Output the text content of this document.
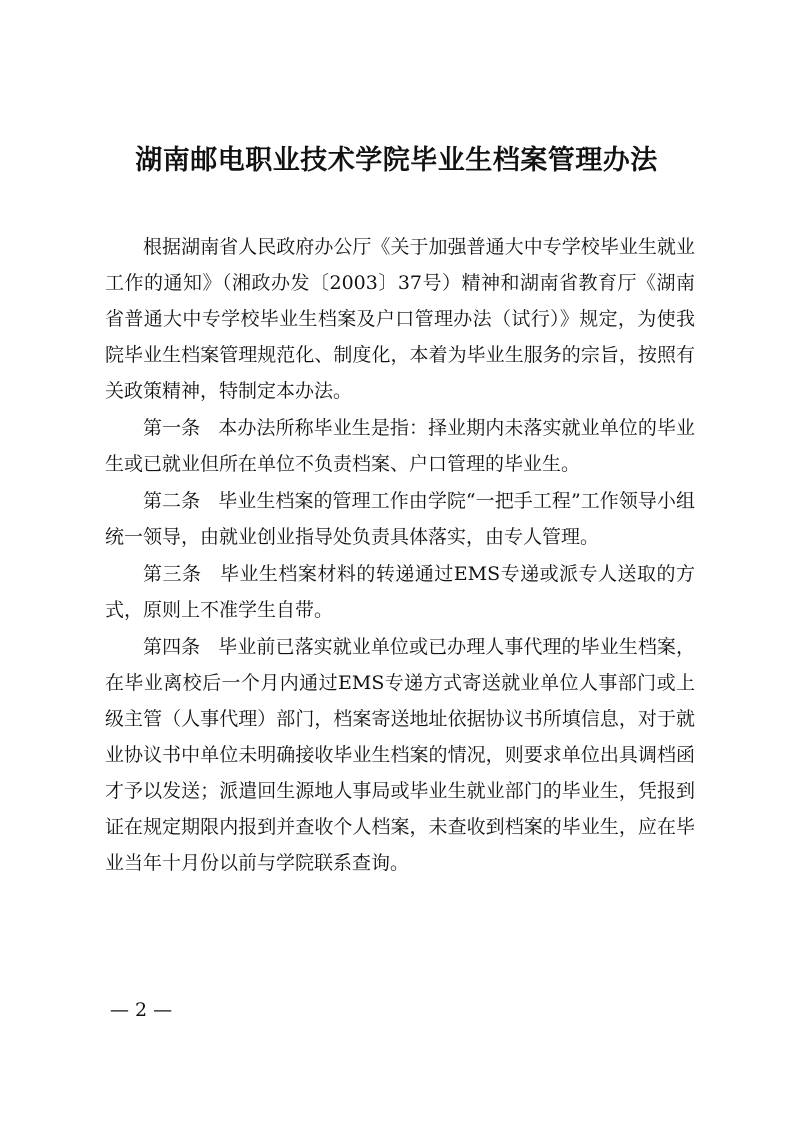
湖南邮电职业技术学院毕业生档案管理办法

根据湖南省人民政府办公厅《关于加强普通大中专学校毕业生就业工作的通知》（湘政办发〔2003〕37号）精神和湖南省教育厅《湖南省普通大中专学校毕业生档案及户口管理办法（试行）》规定，为使我院毕业生档案管理规范化、制度化，本着为毕业生服务的宗旨，按照有关政策精神，特制定本办法。

第一条 本办法所称毕业生是指：择业期内未落实就业单位的毕业生或已就业但所在单位不负责档案、户口管理的毕业生。

第二条 毕业生档案的管理工作由学院“一把手工程”工作领导小组统一领导，由就业创业指导处负责具体落实，由专人管理。

第三条 毕业生档案材料的转递通过EMS专递或派专人送取的方式，原则上不准学生自带。

第四条 毕业前已落实就业单位或已办理人事代理的毕业生档案，在毕业离校后一个月内通过EMS专递方式寄送就业单位人事部门或上级主管（人事代理）部门，档案寄送地址依据协议书所填信息，对于就业协议书中单位未明确接收毕业生档案的情况，则要求单位出具调档函才予以发送；派遣回生源地人事局或毕业生就业部门的毕业生，凭报到证在规定期限内报到并查收个人档案，未查收到档案的毕业生，应在毕业当年十月份以前与学院联系查询。

— 2 —
